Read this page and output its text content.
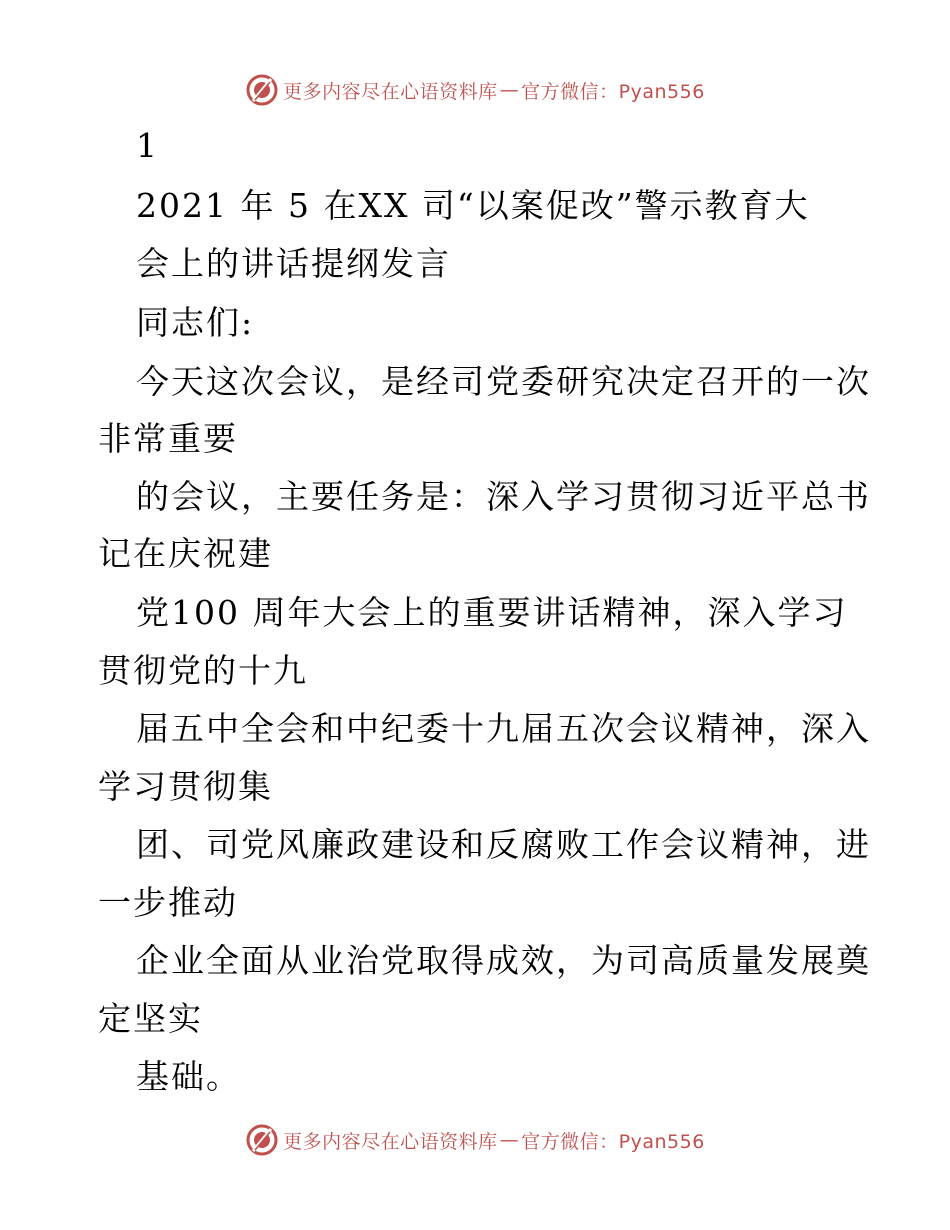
更多内容尽在心语资料库 — 官方微信：Pyan556
1
2021 年 5 在XX 司“以案促改”警示教育大
会上的讲话提纲发言
同志们:
今天这次会议，是经司党委研究决定召开的一次
非常重要
的会议，主要任务是：深入学习贯彻习近平总书
记在庆祝建
党100 周年大会上的重要讲话精神，深入学习
贯彻党的十九
届五中全会和中纪委十九届五次会议精神，深入
学习贯彻集
团、司党风廉政建设和反腐败工作会议精神，进
一步推动
企业全面从业治党取得成效，为司高质量发展奠
定坚实
基础。
更多内容尽在心语资料库 — 官方微信：Pyan556
